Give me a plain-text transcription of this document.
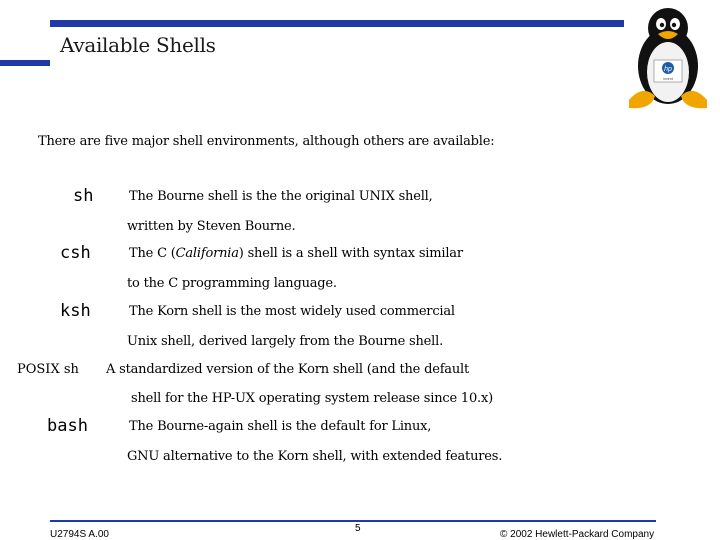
Available Shells
hp
invent
There are five major shell environments, although others are available:
sh	The Bourne shell is the the original UNIX shell,
written by Steven Bourne.
csh	The C (California) shell is a shell with syntax similar
to the C programming language.
ksh	The Korn shell is the most widely used commercial
Unix shell, derived largely from the Bourne shell.
POSIX sh A standardized version of the Korn shell (and the default
shell for the HP-UX operating system release since 10.x)
bash	The Bourne-again shell is the default for Linux,
GNU alternative to the Korn shell, with extended features.
U2794S A.00
5
© 2002 Hewlett-Packard Company
